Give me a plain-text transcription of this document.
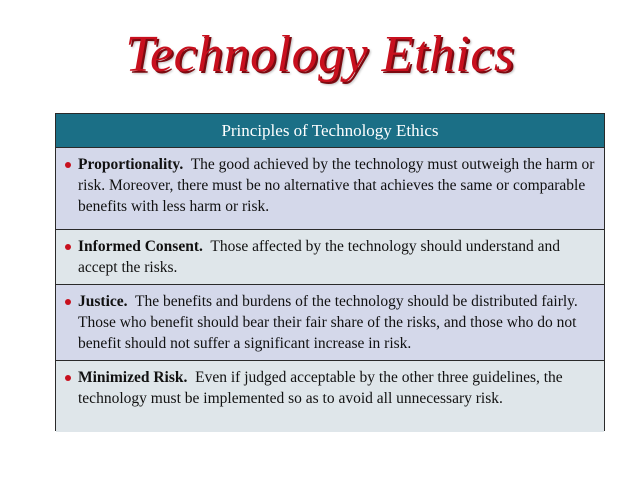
Technology Ethics
Principles of Technology Ethics
Proportionality. The good achieved by the technology must outweigh the harm or risk. Moreover, there must be no alternative that achieves the same or comparable benefits with less harm or risk.
Informed Consent. Those affected by the technology should understand and accept the risks.
Justice. The benefits and burdens of the technology should be distributed fairly. Those who benefit should bear their fair share of the risks, and those who do not benefit should not suffer a significant increase in risk.
Minimized Risk. Even if judged acceptable by the other three guidelines, the technology must be implemented so as to avoid all unnecessary risk.
